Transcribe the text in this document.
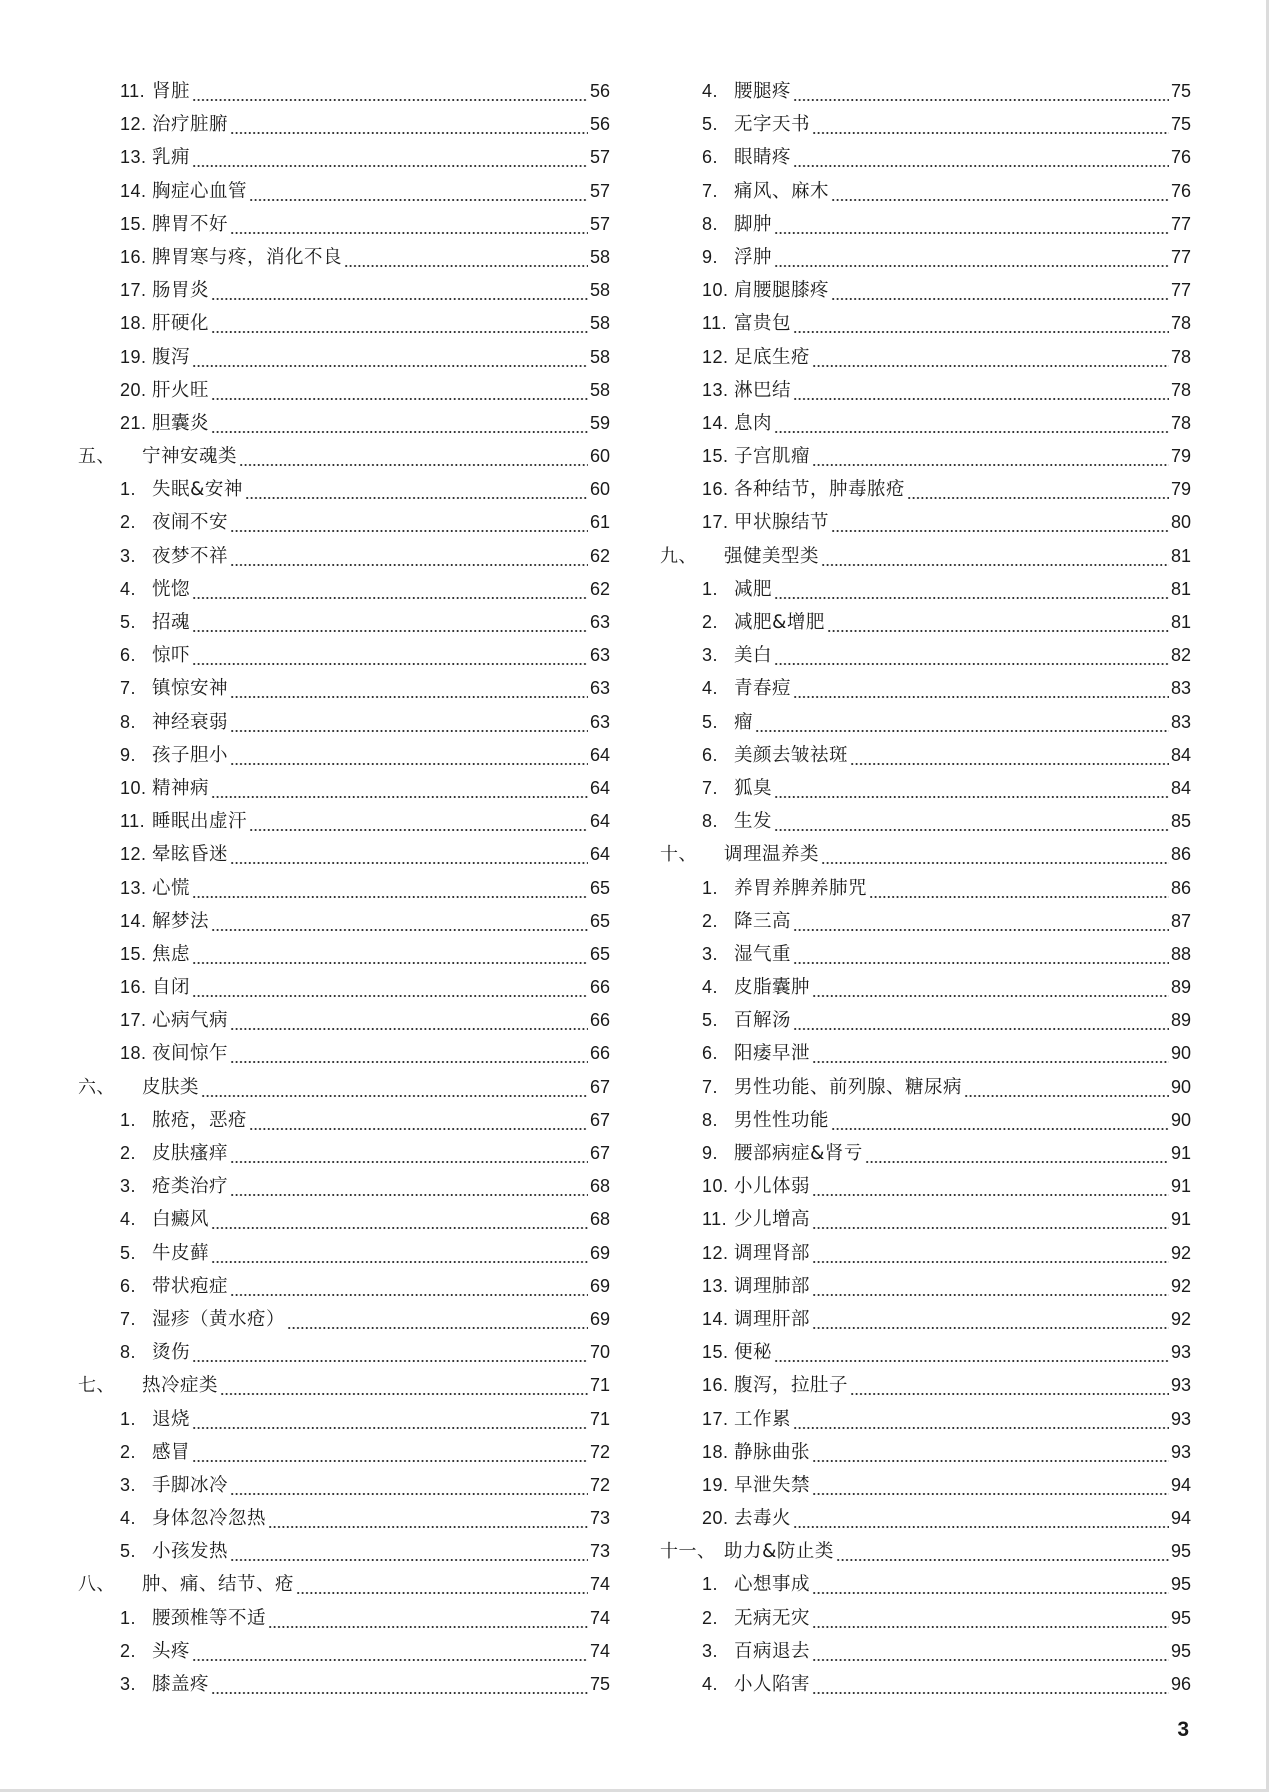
11. 肾脏	56
12. 治疗脏腑	56
13. 乳痈	57
14. 胸症心血管	57
15. 脾胃不好	57
16. 脾胃寒与疼，消化不良	58
17. 肠胃炎	58
18. 肝硬化	58
19. 腹泻	58
20. 肝火旺	58
21. 胆囊炎	59
五、	宁神安魂类	60
1. 失眠&安神	60
2. 夜闹不安	61
3. 夜梦不祥	62
4. 恍惚	62
5. 招魂	63
6. 惊吓	63
7. 镇惊安神	63
8. 神经衰弱	63
9. 孩子胆小	64
10. 精神病	64
11. 睡眠出虚汗	64
12. 晕眩昏迷	64
13. 心慌	65
14. 解梦法	65
15. 焦虑	65
16. 自闭	66
17. 心病气病	66
18. 夜间惊乍	66
六、	皮肤类	67
1. 脓疮，恶疮	67
2. 皮肤瘙痒	67
3. 疮类治疗	68
4. 白癜风	68
5. 牛皮藓	69
6. 带状疱症	69
7. 湿疹（黄水疮）	69
8. 烫伤	70
七、	热冷症类	71
1. 退烧	71
2. 感冒	72
3. 手脚冰冷	72
4. 身体忽冷忽热	73
5. 小孩发热	73
八、	肿、痛、结节、疮	74
1. 腰颈椎等不适	74
2. 头疼	74
3. 膝盖疼	75
4. 腰腿疼	75
5. 无字天书	75
6. 眼睛疼	76
7. 痛风、麻木	76
8. 脚肿	77
9. 浮肿	77
10. 肩腰腿膝疼	77
11. 富贵包	78
12. 足底生疮	78
13. 淋巴结	78
14. 息肉	78
15. 子宫肌瘤	79
16. 各种结节，肿毒脓疮	79
17. 甲状腺结节	80
九、	强健美型类	81
1. 减肥	81
2. 减肥&增肥	81
3. 美白	82
4. 青春痘	83
5. 瘤	83
6. 美颜去皱祛斑	84
7. 狐臭	84
8. 生发	85
十、	调理温养类	86
1. 养胃养脾养肺咒	86
2. 降三高	87
3. 湿气重	88
4. 皮脂囊肿	89
5. 百解汤	89
6. 阳痿早泄	90
7. 男性功能、前列腺、糖尿病	90
8. 男性性功能	90
9. 腰部病症&肾亏	91
10. 小儿体弱	91
11. 少儿增高	91
12. 调理肾部	92
13. 调理肺部	92
14. 调理肝部	92
15. 便秘	93
16. 腹泻，拉肚子	93
17. 工作累	93
18. 静脉曲张	93
19. 早泄失禁	94
20. 去毒火	94
十一、 助力&防止类	95
1. 心想事成	95
2. 无病无灾	95
3. 百病退去	95
4. 小人陷害	96
3
